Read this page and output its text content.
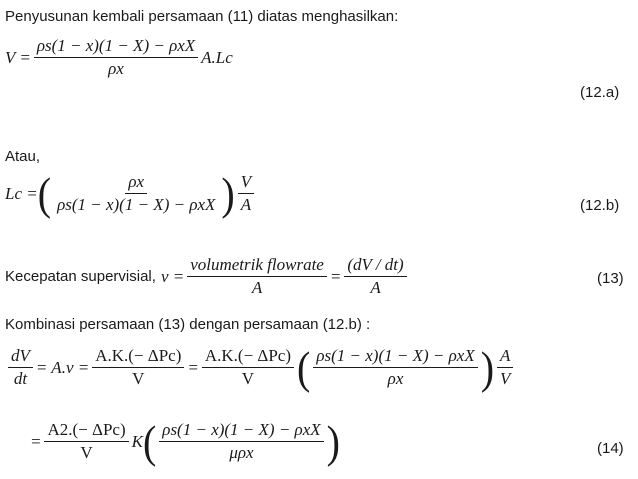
Penyusunan kembali persamaan (11) diatas menghasilkan:
$V = \frac{\text{ρs(1 − x)(1 − X) − ρxX}}{\rho x} A.Lc$
(12.a)
Atau,
Lc = ( $\frac{\rho x}{\text{ρs(1 − x)(1 − X) − ρxX}}$ ) $\frac{V}{A}$	(12.b)
Kecepatan supervisial, $v = \frac{\text{volumetrik flowrate}}{A} = \frac{(dV / dt)}{A}$	(13)
Kombinasi persamaan (13) dengan persamaan (12.b) :
$\frac{dV}{dt} = A.v = \frac{\text{A.K.(− ΔPc)}}{V} = \frac{\text{A.K.(− ΔPc)}}{V}$ ( $\frac{\text{ρs(1 − x)(1 − X) − ρxX}}{\rho x}$ ) $\frac{A}{V}$
= $\frac{\text{A2.(− ΔPc)}}{V}$ K ( $\frac{\text{ρs(1 − x)(1 − X) − ρxX}}{\text{μρx}}$ )	(14)
